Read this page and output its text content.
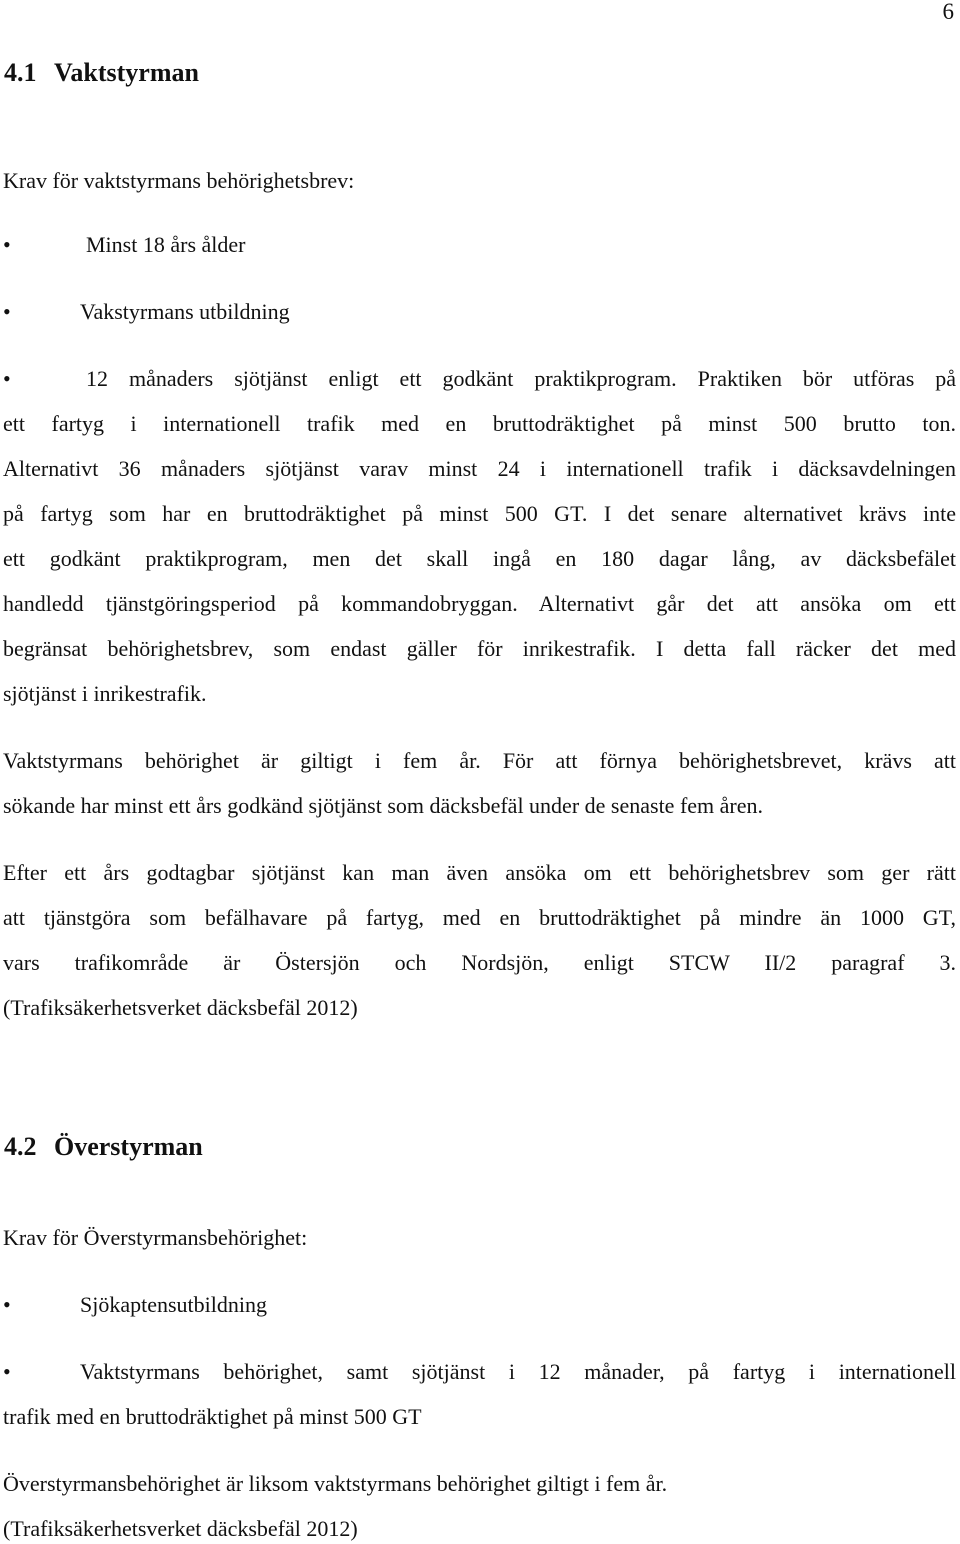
6
4.1 Vaktstyrman
Krav för vaktstyrmans behörighetsbrev:
•	Minst 18 års ålder
•	Vakstyrmans utbildning
•	12 månaders sjötjänst enligt ett godkänt praktikprogram. Praktiken bör utföras på
ett fartyg i internationell trafik med en bruttodräktighet på minst 500 brutto ton.
Alternativt 36 månaders sjötjänst varav minst 24 i internationell trafik i däcksavdelningen
på fartyg som har en bruttodräktighet på minst 500 GT. I det senare alternativet krävs inte
ett godkänt praktikprogram, men det skall ingå en 180 dagar lång, av däcksbefälet
handledd tjänstgöringsperiod på kommandobryggan. Alternativt går det att ansöka om ett
begränsat behörighetsbrev, som endast gäller för inrikestrafik. I detta fall räcker det med
sjötjänst i inrikestrafik.
Vaktstyrmans behörighet är giltigt i fem år. För att förnya behörighetsbrevet, krävs att
sökande har minst ett års godkänd sjötjänst som däcksbefäl under de senaste fem åren.
Efter ett års godtagbar sjötjänst kan man även ansöka om ett behörighetsbrev som ger rätt
att tjänstgöra som befälhavare på fartyg, med en bruttodräktighet på mindre än 1000 GT,
vars trafikområde är Östersjön och Nordsjön, enligt STCW II/2 paragraf 3.
(Trafiksäkerhetsverket däcksbefäl 2012)
4.2 Överstyrman
Krav för Överstyrmansbehörighet:
•	Sjökaptensutbildning
•	Vaktstyrmans behörighet, samt sjötjänst i 12 månader, på fartyg i internationell
trafik med en bruttodräktighet på minst 500 GT
Överstyrmansbehörighet är liksom vaktstyrmans behörighet giltigt i fem år.
(Trafiksäkerhetsverket däcksbefäl 2012)
